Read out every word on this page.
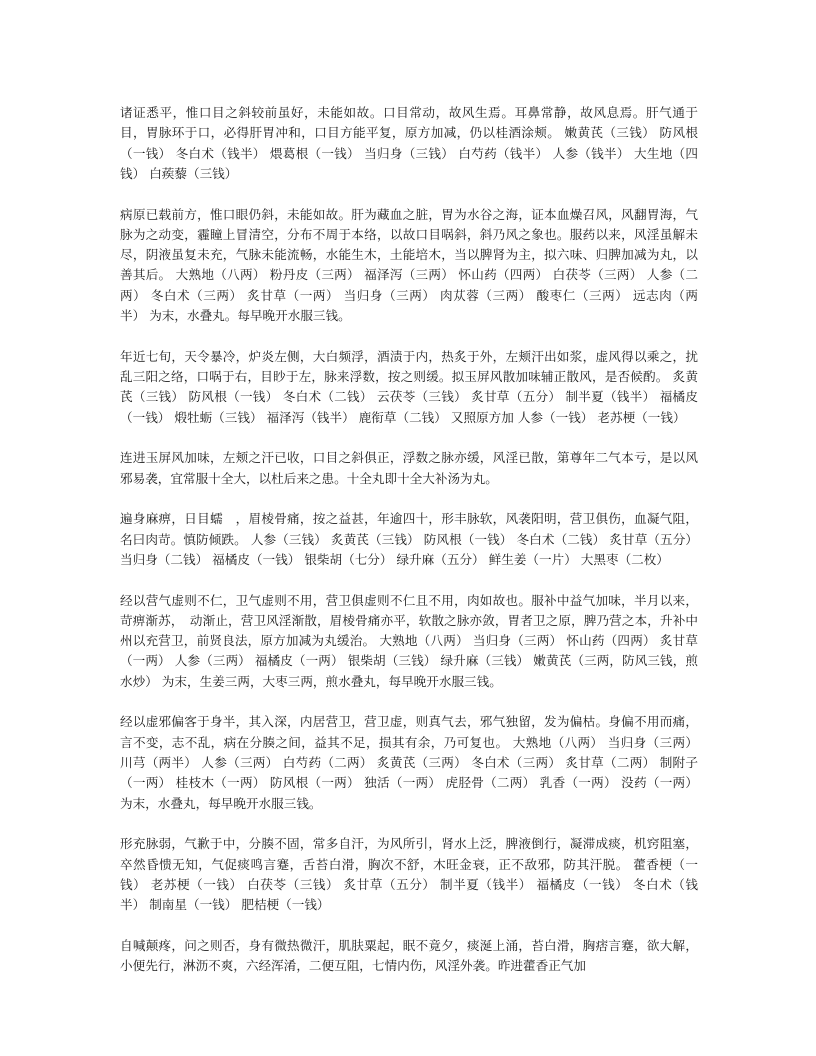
诸证悉平，惟口目之斜较前虽好，未能如故。口目常动，故风生焉。耳鼻常静，故风息焉。肝气通于目，胃脉环于口，必得肝胃冲和，口目方能平复，原方加减，仍以桂酒涂颊。 嫩黄芪（三钱） 防风根（一钱） 冬白术（钱半） 煨葛根（一钱） 当归身（三钱） 白芍药（钱半） 人参（钱半） 大生地（四钱） 白蒺藜（三钱）

病原已载前方，惟口眼仍斜，未能如故。肝为藏血之脏，胃为水谷之海，证本血燥召风，风翻胃海，气脉为之动变，霾瞳上冒清空，分布不周于本络，以故口目㖞斜，斜乃风之象也。服药以来，风淫虽解未尽，阴液虽复未充，气脉未能流畅，水能生木，土能培木，当以脾肾为主，拟六味、归脾加减为丸，以善其后。 大熟地（八两） 粉丹皮（三两） 福泽泻（三两） 怀山药（四两） 白茯苓（三两） 人参（二两） 冬白术（三两） 炙甘草（一两） 当归身（三两） 肉苁蓉（三两） 酸枣仁（三两） 远志肉（两半） 为末，水叠丸。每早晚开水服三钱。

年近七旬，天令暴冷，炉炎左侧，大白频浮，酒渍于内，热炙于外，左颊汗出如浆，虚风得以乘之，扰乱三阳之络，口㖞于右，目眇于左，脉来浮数，按之则缓。拟玉屏风散加味辅正散风，是否候酌。 炙黄芪（三钱） 防风根（一钱） 冬白术（二钱） 云茯苓（三钱） 炙甘草（五分） 制半夏（钱半） 福橘皮（一钱） 煅牡蛎（三钱） 福泽泻（钱半） 鹿衔草（二钱） 又照原方加 人参（一钱） 老苏梗（一钱）

连进玉屏风加味，左颊之汗已收，口目之斜俱正，浮数之脉亦缓，风淫已散，第尊年二气本亏，是以风邪易袭，宜常服十全大，以杜后来之患。十全丸即十全大补汤为丸。

遍身麻痹，日目蠕　，眉棱骨痛，按之益甚，年逾四十，形丰脉软，风袭阳明，营卫俱伤，血凝气阻，名曰肉苛。慎防倾跌。 人参（三钱） 炙黄芪（三钱） 防风根（一钱） 冬白术（二钱） 炙甘草（五分） 当归身（二钱） 福橘皮（一钱） 银柴胡（七分） 绿升麻（五分） 鲜生姜（一片） 大黑枣（二枚）

经以营气虚则不仁，卫气虚则不用，营卫俱虚则不仁且不用，肉如故也。服补中益气加味，半月以来，苛痹渐苏，　动渐止，营卫风淫渐散，眉棱骨痛亦平，软散之脉亦敛，胃者卫之原，脾乃营之本，升补中州以充营卫，前贤良法，原方加减为丸缓治。 大熟地（八两） 当归身（三两） 怀山药（四两） 炙甘草（一两） 人参（三两） 福橘皮（一两） 银柴胡（三钱） 绿升麻（三钱） 嫩黄芪（三两，防风三钱，煎水炒） 为末，生姜三两，大枣三两，煎水叠丸，每早晚开水服三钱。

经以虚邪偏客于身半，其入深，内居营卫，营卫虚，则真气去，邪气独留，发为偏枯。身偏不用而痛，言不变，志不乱，病在分腠之间，益其不足，损其有余，乃可复也。 大熟地（八两） 当归身（三两） 川芎（两半） 人参（三两） 白芍药（二两） 炙黄芪（三两） 冬白术（三两） 炙甘草（二两） 制附子（一两） 桂枝木（一两） 防风根（一两） 独活（一两） 虎胫骨（二两） 乳香（一两） 没药（一两） 为末，水叠丸，每早晚开水服三钱。

形充脉弱，气歉于中，分腠不固，常多自汗，为风所引，肾水上泛，脾液倒行，凝滞成痰，机窍阻塞，卒然昏愦无知，气促痰鸣言蹇，舌苔白滑，胸次不舒，木旺金衰，正不敌邪，防其汗脱。 藿香梗（一钱） 老苏梗（一钱） 白茯苓（三钱） 炙甘草（五分） 制半夏（钱半） 福橘皮（一钱） 冬白术（钱半） 制南星（一钱） 肥桔梗（一钱）

自喊颠疼，问之则否，身有微热微汗，肌肤粟起，眠不竟夕，痰涎上涌，苔白滑，胸痞言蹇，欲大解，小便先行，淋沥不爽，六经浑淆，二便互阻，七情内伤，风淫外袭。昨进藿香正气加
